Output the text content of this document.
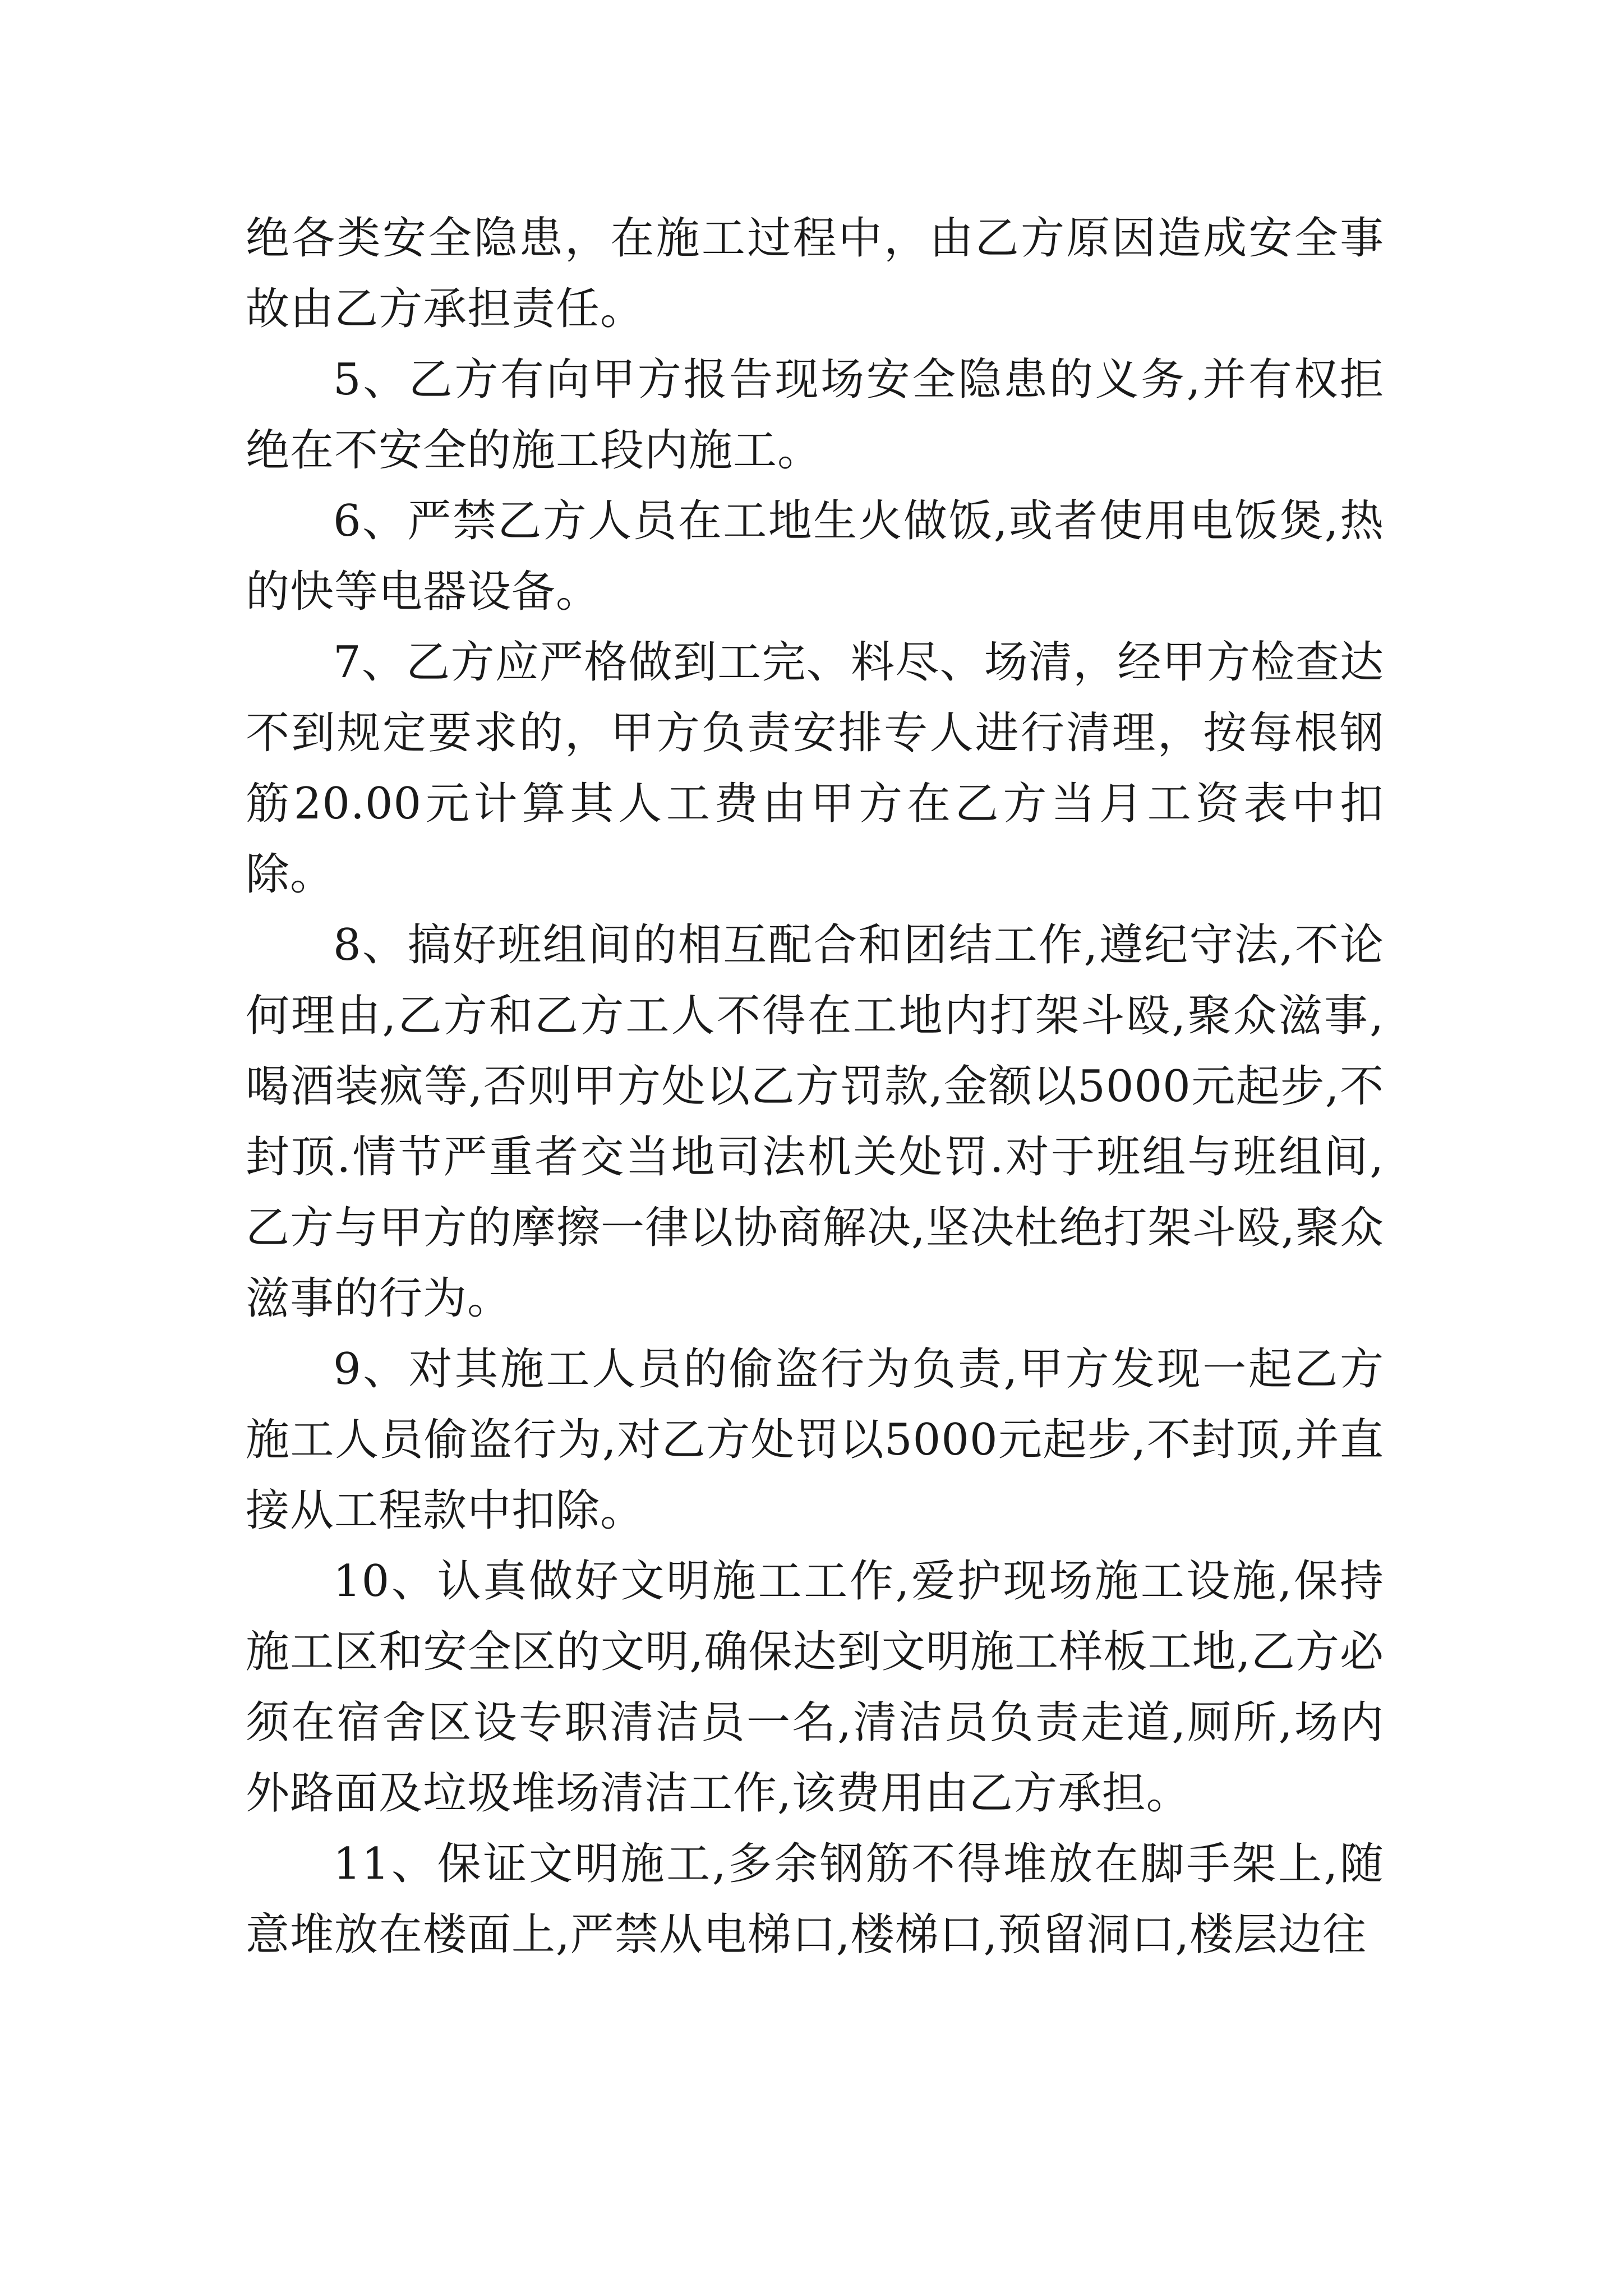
绝各类安全隐患，在施工过程中，由乙方原因造成安全事故由乙方承担责任。

5、乙方有向甲方报告现场安全隐患的义务,并有权拒绝在不安全的施工段内施工。

6、严禁乙方人员在工地生火做饭,或者使用电饭煲,热的快等电器设备。

7、乙方应严格做到工完、料尽、场清，经甲方检查达不到规定要求的，甲方负责安排专人进行清理，按每根钢筋20.00元计算其人工费由甲方在乙方当月工资表中扣除。

8、搞好班组间的相互配合和团结工作,遵纪守法,不论何理由,乙方和乙方工人不得在工地内打架斗殴,聚众滋事,喝酒装疯等,否则甲方处以乙方罚款,金额以5000元起步,不封顶.情节严重者交当地司法机关处罚.对于班组与班组间,乙方与甲方的摩擦一律以协商解决,坚决杜绝打架斗殴,聚众滋事的行为。

9、对其施工人员的偷盗行为负责,甲方发现一起乙方施工人员偷盗行为,对乙方处罚以5000元起步,不封顶,并直接从工程款中扣除。

10、认真做好文明施工工作,爱护现场施工设施,保持施工区和安全区的文明,确保达到文明施工样板工地,乙方必须在宿舍区设专职清洁员一名,清洁员负责走道,厕所,场内外路面及垃圾堆场清洁工作,该费用由乙方承担。

11、保证文明施工,多余钢筋不得堆放在脚手架上,随意堆放在楼面上,严禁从电梯口,楼梯口,预留洞口,楼层边往
